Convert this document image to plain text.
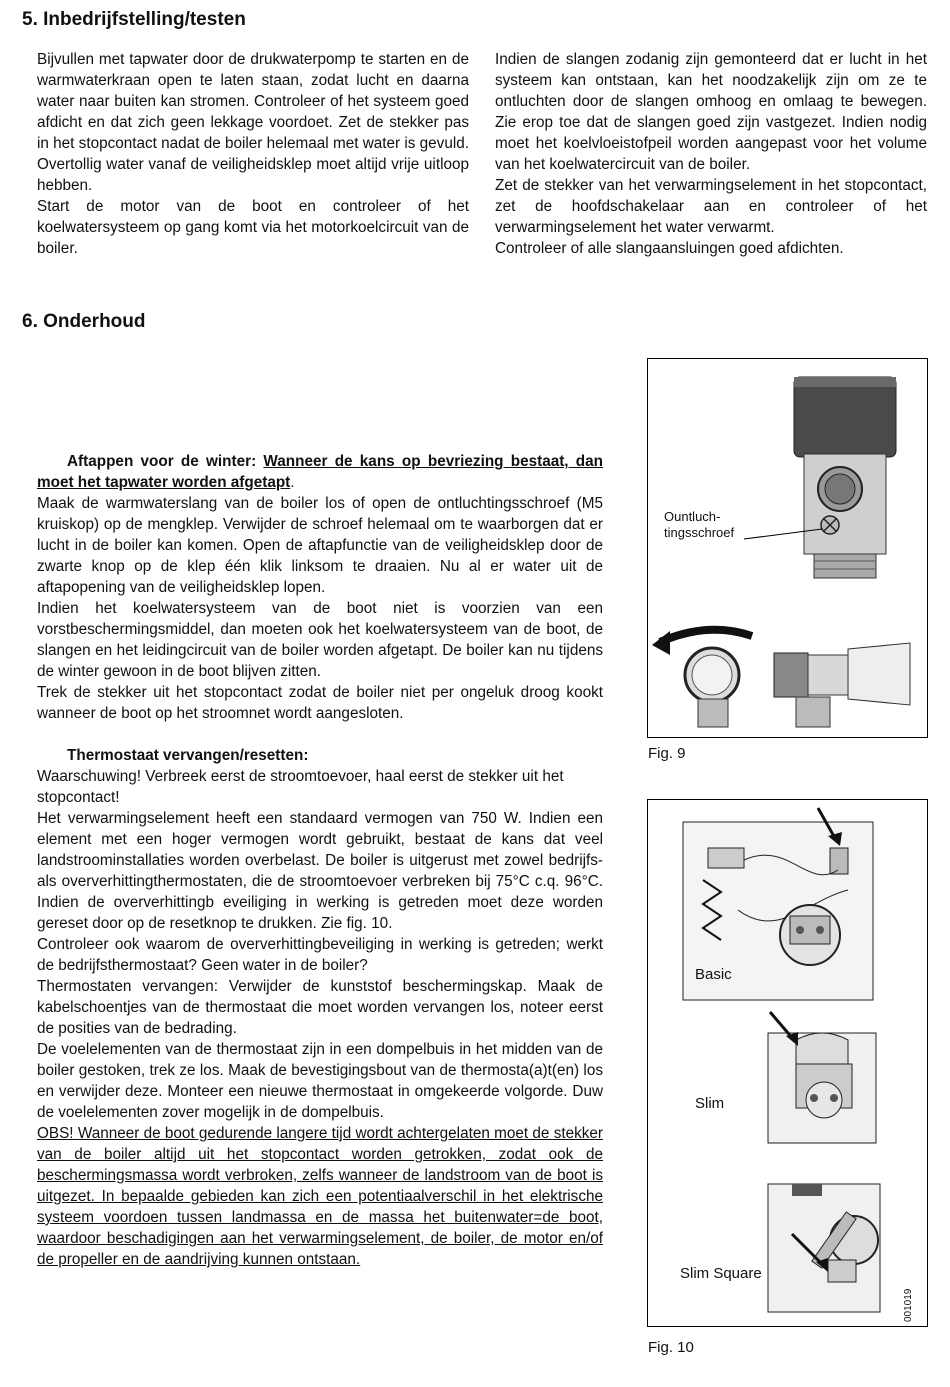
5. Inbedrijfstelling/testen

Bijvullen met tapwater door de drukwaterpomp te starten en de warmwaterkraan open te laten staan, zodat lucht en daarna water naar buiten kan stromen. Controleer of het systeem goed afdicht en dat zich geen lekkage voordoet. Zet de stekker pas in het stopcontact nadat de boiler helemaal met water is gevuld. Overtollig water vanaf de veiligheidsklep moet altijd vrije uitloop hebben.

Start de motor van de boot en controleer of het koelwatersysteem op gang komt via het motorkoelcircuit van de boiler.

Indien de slangen zodanig zijn gemonteerd dat er lucht in het systeem kan ontstaan, kan het noodzakelijk zijn om ze te ontluchten door de slangen omhoog en omlaag te bewegen. Zie erop toe dat de slangen goed zijn vastgezet. Indien nodig moet het koelvloeistofpeil worden aangepast voor het volume van het koelwatercircuit van de boiler.

Zet de stekker van het verwarmingselement in het stopcontact, zet de hoofdschakelaar aan en controleer of het verwarmingselement het water verwarmt.

Controleer of alle slangaansluingen goed afdichten.

6. Onderhoud

Aftappen voor de winter: Wanneer de kans op bevriezing bestaat, dan moet het tapwater worden afgetapt.

Maak de warmwaterslang van de boiler los of open de ontluchtingsschroef (M5 kruiskop) op de mengklep. Verwijder de schroef helemaal om te waarborgen dat er lucht in de boiler kan komen. Open de aftapfunctie van de veiligheidsklep door de zwarte knop op de klep één klik linksom te draaien. Nu al er water uit de aftapopening van de veiligheidsklep lopen.

Indien het koelwatersysteem van de boot niet is voorzien van een vorstbeschermingsmiddel, dan moeten ook het koelwatersysteem van de boot, de slangen en het leidingcircuit van de boiler worden afgetapt. De boiler kan nu tijdens de winter gewoon in de boot blijven zitten.

Trek de stekker uit het stopcontact zodat de boiler niet per ongeluk droog kookt wanneer de boot op het stroomnet wordt aangesloten.

Thermostaat vervangen/resetten:

Waarschuwing! Verbreek eerst de stroomtoevoer, haal eerst de stekker uit het stopcontact!

Het verwarmingselement heeft een standaard vermogen van 750 W. Indien een element met een hoger vermogen wordt gebruikt, bestaat de kans dat veel landstroominstallaties worden overbelast. De boiler is uitgerust met zowel bedrijfs- als oververhittingthermostaten, die de stroomtoevoer verbreken bij 75°C c.q. 96°C. Indien de oververhittingb eveiliging in werking is getreden moet deze worden gereset door op de resetknop te drukken. Zie fig. 10.

Controleer ook waarom de oververhittingbeveiliging in werking is getreden; werkt de bedrijfsthermostaat? Geen water in de boiler?

Thermostaten vervangen: Verwijder de kunststof beschermingskap. Maak de kabelschoentjes van de thermostaat die moet worden vervangen los, noteer eerst de posities van de bedrading.

De voelelementen van de thermostaat zijn in een dompelbuis in het midden van de boiler gestoken, trek ze los. Maak de bevestigingsbout van de thermosta(a)t(en) los en verwijder deze. Monteer een nieuwe thermostaat in omgekeerde volgorde. Duw de voelelementen zover mogelijk in de dompelbuis.

OBS! Wanneer de boot gedurende langere tijd wordt achtergelaten moet de stekker van de boiler altijd uit het stopcontact worden getrokken, zodat ook de beschermingsmassa wordt verbroken, zelfs wanneer de landstroom van de boot is uitgezet. In bepaalde gebieden kan zich een potentiaalverschil in het elektrische systeem voordoen tussen landmassa en de massa het buitenwater=de boot, waardoor beschadigingen aan het verwarmingselement, de boiler, de motor en/of de propeller en de aandrijving kunnen ontstaan.

Ountluch-
tingsschroef
Fig. 9
Basic
Slim
Slim Square
001019
Fig. 10
